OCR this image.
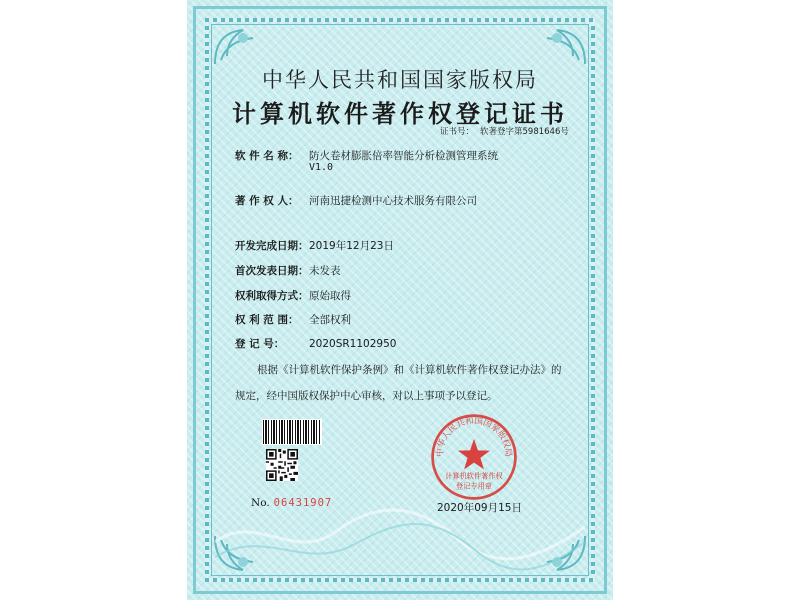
中华人民共和国国家版权局
计算机软件著作权登记证书
证书号： 软著登字第5981646号
软 件 名 称： 防火卷材膨胀倍率智能分析检测管理系统
V1.0
著 作 权 人： 河南迅捷检测中心技术服务有限公司
开发完成日期：2019年12月23日
首次发表日期：未发表
权利取得方式：原始取得
权 利 范 围： 全部权利
登 记 号： 2020SR1102950
根据《计算机软件保护条例》和《计算机软件著作权登记办法》的
规定，经中国版权保护中心审核，对以上事项予以登记。
No. 06431907
中华人民共和国国家版权局
计算机软件著作权
登记专用章
2020年09月15日
